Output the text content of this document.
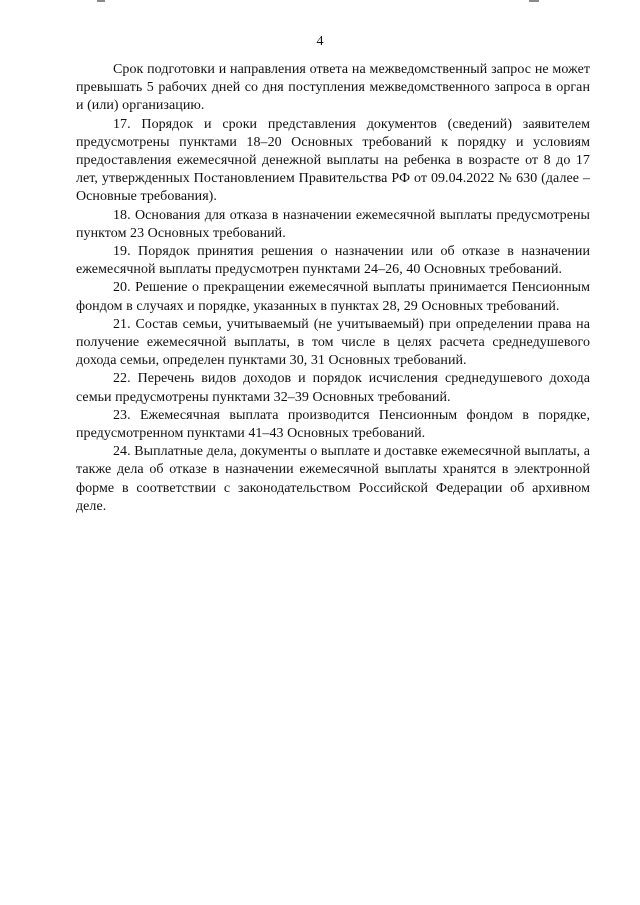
4

Срок подготовки и направления ответа на межведомственный запрос не может превышать 5 рабочих дней со дня поступления межведомственного запроса в орган и (или) организацию.

17. Порядок и сроки представления документов (сведений) заявителем предусмотрены пунктами 18–20 Основных требований к порядку и условиям предоставления ежемесячной денежной выплаты на ребенка в возрасте от 8 до 17 лет, утвержденных Постановлением Правительства РФ от 09.04.2022 № 630 (далее – Основные требования).

18. Основания для отказа в назначении ежемесячной выплаты предусмотрены пунктом 23 Основных требований.

19. Порядок принятия решения о назначении или об отказе в назначении ежемесячной выплаты предусмотрен пунктами 24–26, 40 Основных требований.

20. Решение о прекращении ежемесячной выплаты принимается Пенсионным фондом в случаях и порядке, указанных в пунктах 28, 29 Основных требований.

21. Состав семьи, учитываемый (не учитываемый) при определении права на получение ежемесячной выплаты, в том числе в целях расчета среднедушевого дохода семьи, определен пунктами 30, 31 Основных требований.

22. Перечень видов доходов и порядок исчисления среднедушевого дохода семьи предусмотрены пунктами 32–39 Основных требований.

23. Ежемесячная выплата производится Пенсионным фондом в порядке, предусмотренном пунктами 41–43 Основных требований.

24. Выплатные дела, документы о выплате и доставке ежемесячной выплаты, а также дела об отказе в назначении ежемесячной выплаты хранятся в электронной форме в соответствии с законодательством Российской Федерации об архивном деле.
